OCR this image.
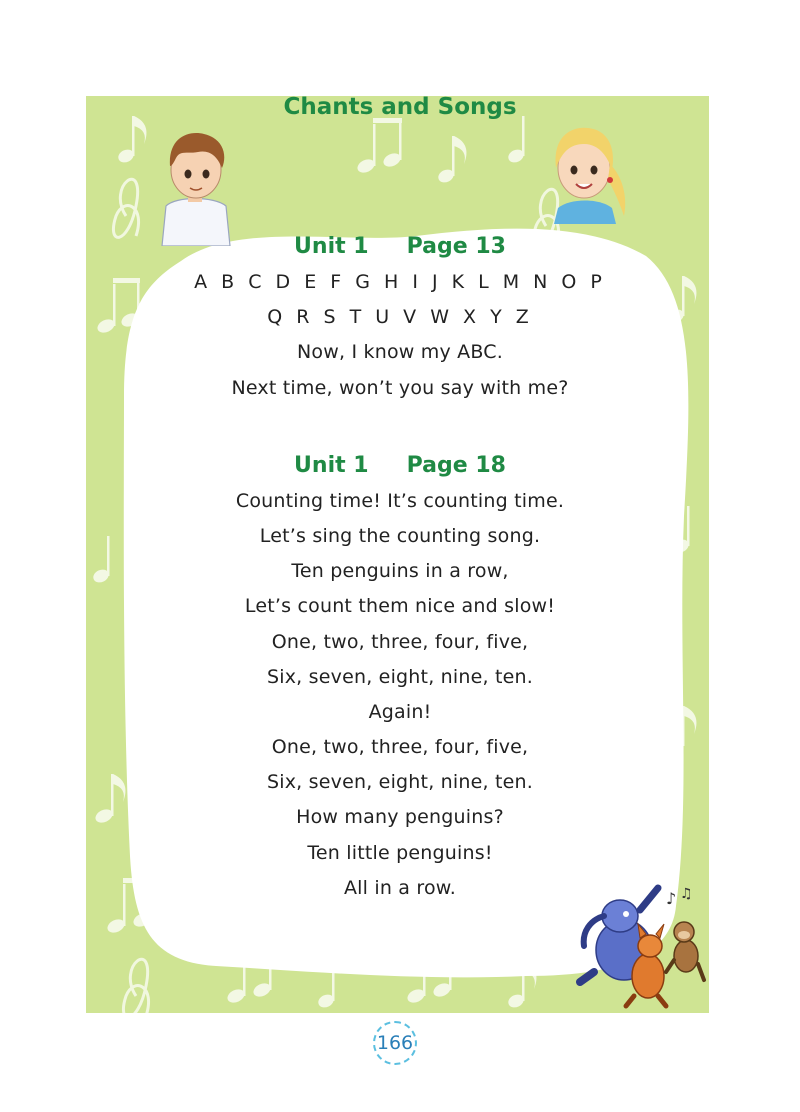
Chants and Songs
Unit 1 Page 13
A B C D E F G H I J K L M N O P
Q R S T U V W X Y Z
Now, I know my ABC.
Next time, won’t you say with me?
Unit 1 Page 18
Counting time! It’s counting time.
Let’s sing the counting song.
Ten penguins in a row,
Let’s count them nice and slow!
One, two, three, four, five,
Six, seven, eight, nine, ten.
Again!
One, two, three, four, five,
Six, seven, eight, nine, ten.
How many penguins?
Ten little penguins!
All in a row.	♪ ♫
166
